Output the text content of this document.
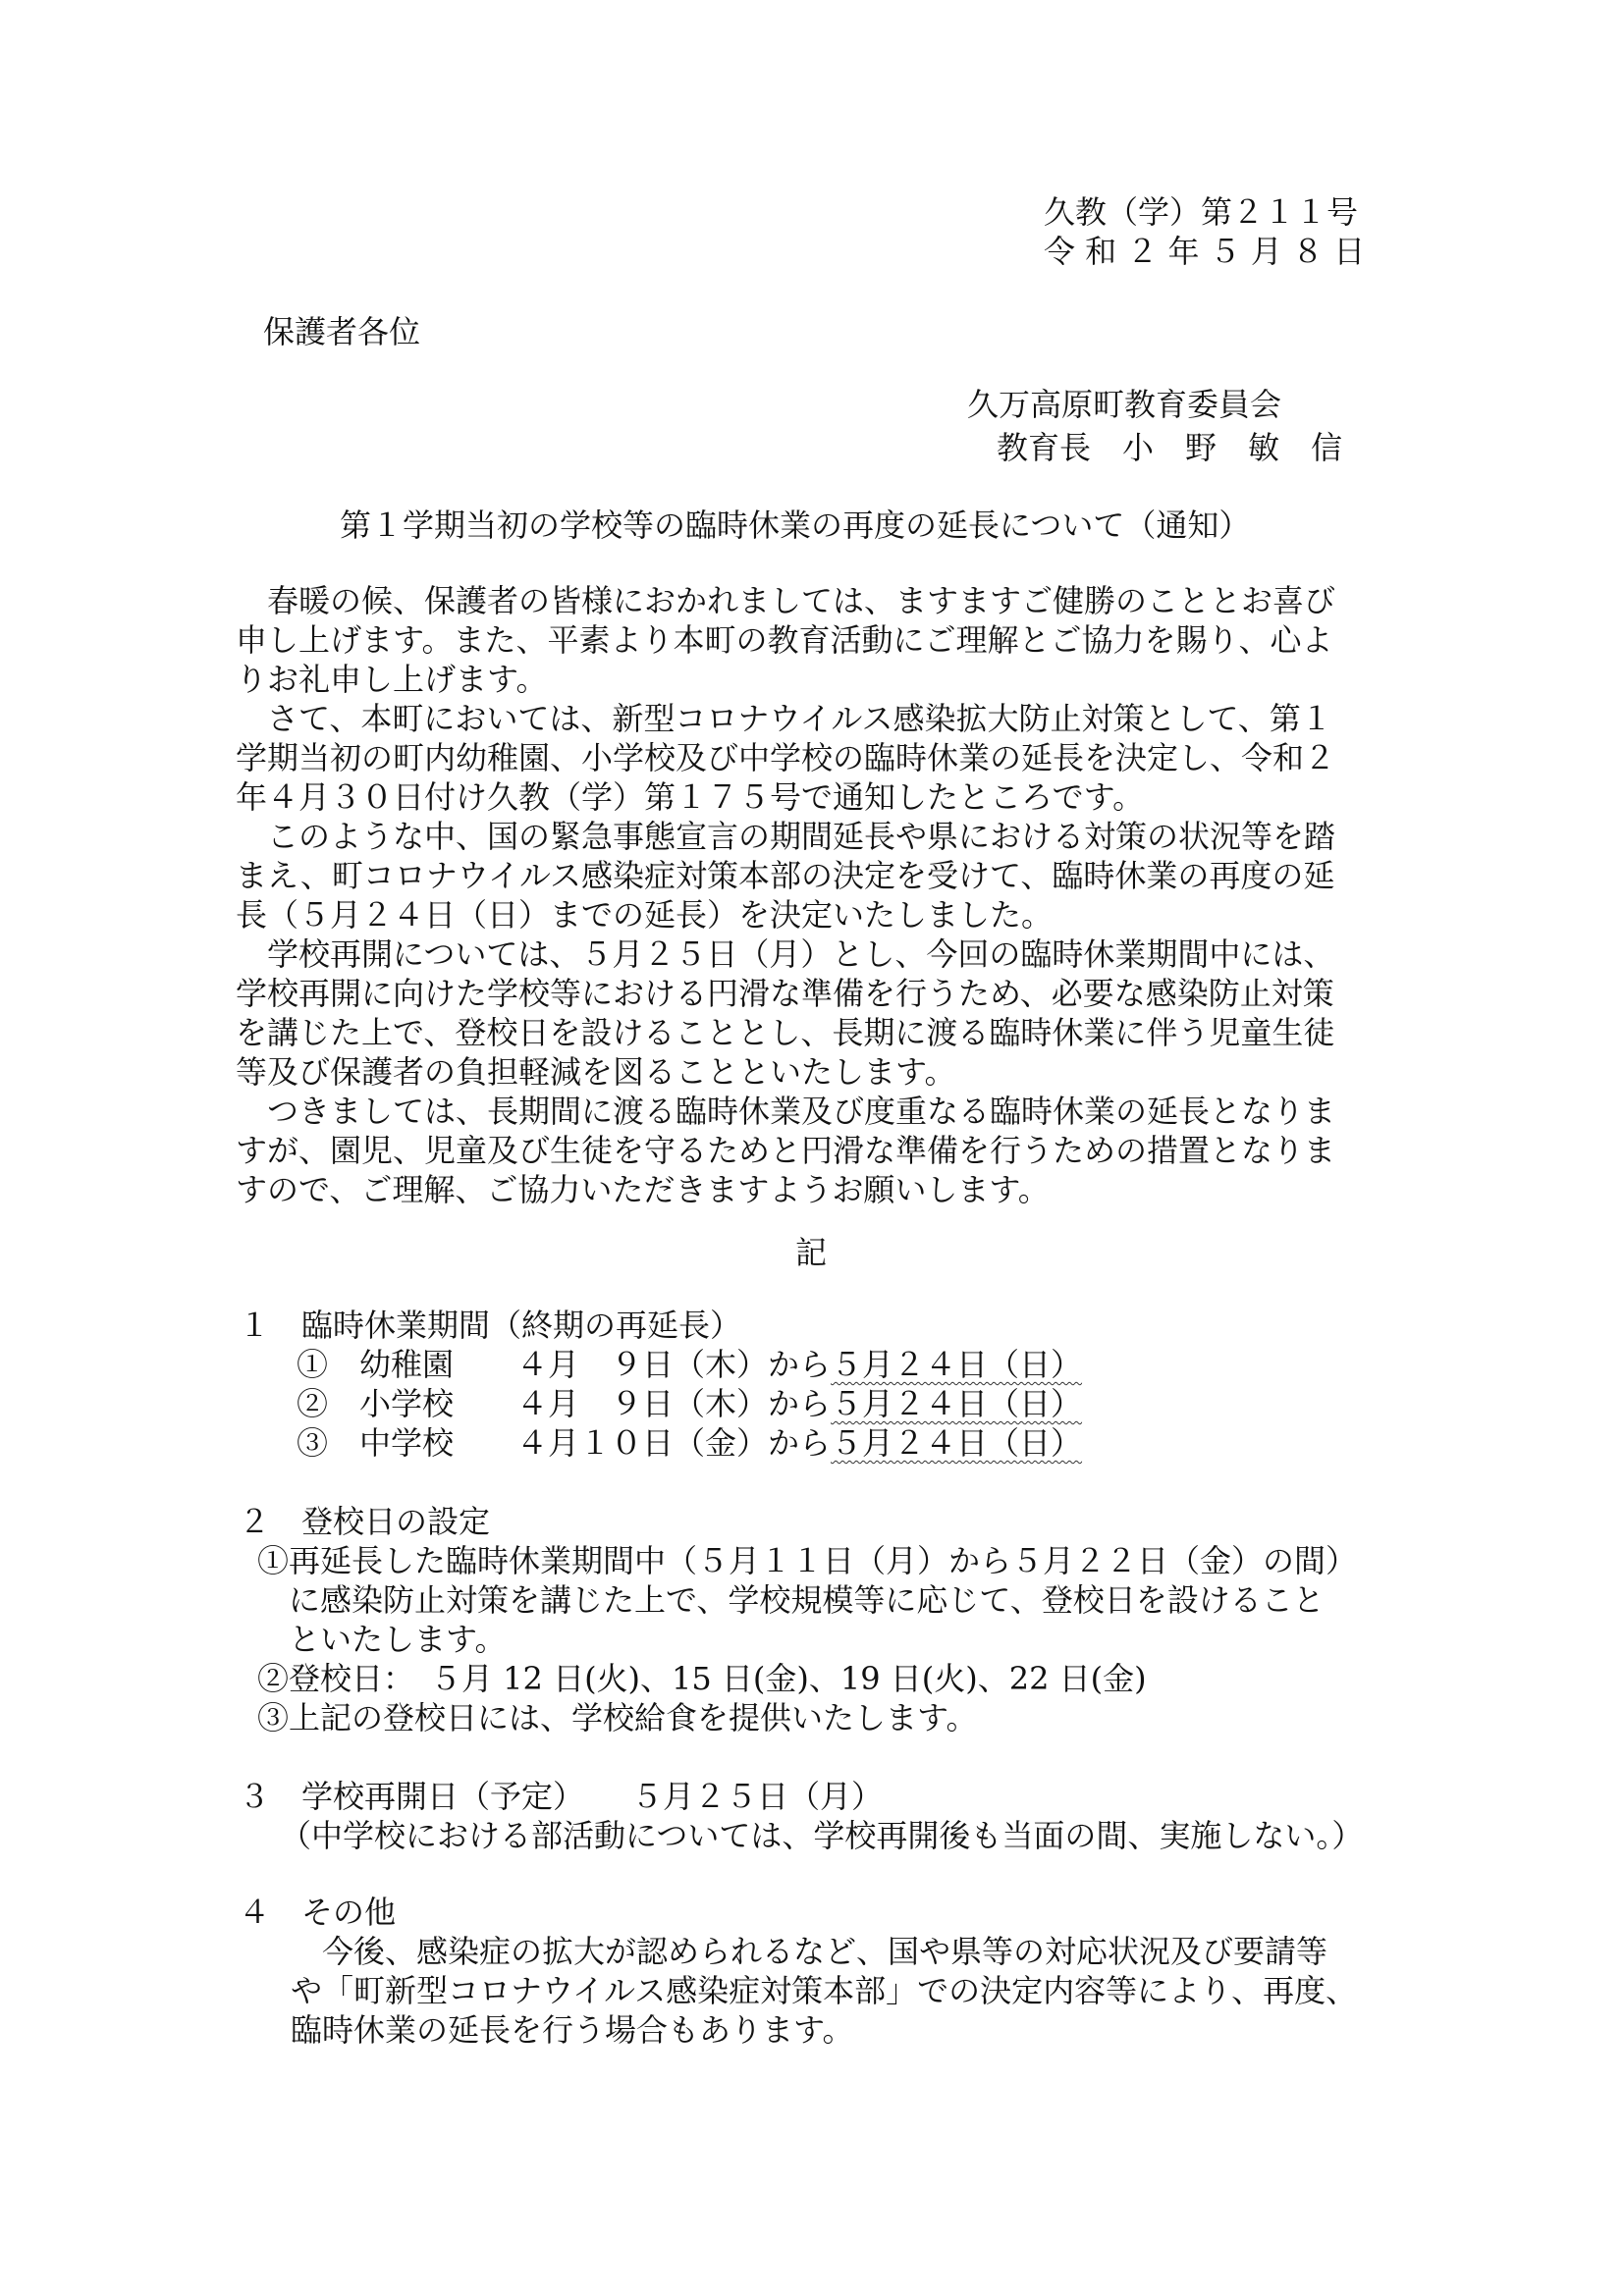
久教（学）第２１１号
令 和 ２ 年 ５ 月 ８ 日
保護者各位
久万高原町教育委員会
教育長　小　野　敏　信
第１学期当初の学校等の臨時休業の再度の延長について（通知）
　春暖の候、保護者の皆様におかれましては、ますますご健勝のこととお喜び
申し上げます。また、平素より本町の教育活動にご理解とご協力を賜り、心よ
りお礼申し上げます。
　さて、本町においては、新型コロナウイルス感染拡大防止対策として、第１
学期当初の町内幼稚園、小学校及び中学校の臨時休業の延長を決定し、令和２
年４月３０日付け久教（学）第１７５号で通知したところです。
　このような中、国の緊急事態宣言の期間延長や県における対策の状況等を踏
まえ、町コロナウイルス感染症対策本部の決定を受けて、臨時休業の再度の延
長（５月２４日（日）までの延長）を決定いたしました。
　学校再開については、５月２５日（月）とし、今回の臨時休業期間中には、
学校再開に向けた学校等における円滑な準備を行うため、必要な感染防止対策
を講じた上で、登校日を設けることとし、長期に渡る臨時休業に伴う児童生徒
等及び保護者の負担軽減を図ることといたします。
　つきましては、長期間に渡る臨時休業及び度重なる臨時休業の延長となりま
すが、園児、児童及び生徒を守るためと円滑な準備を行うための措置となりま
すので、ご理解、ご協力いただきますようお願いします。
記
１　臨時休業期間（終期の再延長）
①　幼稚園　　４月　９日（木）から５月２４日（日）
②　小学校　　４月　９日（木）から５月２４日（日）
③　中学校　　４月１０日（金）から５月２４日（日）
２　登校日の設定
①再延長した臨時休業期間中（５月１１日（月）から５月２２日（金）の間）
　に感染防止対策を講じた上で、学校規模等に応じて、登校日を設けること
　といたします。
②登校日：　５月 12 日(火)、15 日(金)、19 日(火)、22 日(金)
③上記の登校日には、学校給食を提供いたします。
３　学校再開日（予定）　　５月２５日（月）
（中学校における部活動については、学校再開後も当面の間、実施しない。）
４　その他
　今後、感染症の拡大が認められるなど、国や県等の対応状況及び要請等
や「町新型コロナウイルス感染症対策本部」での決定内容等により、再度、
臨時休業の延長を行う場合もあります。
